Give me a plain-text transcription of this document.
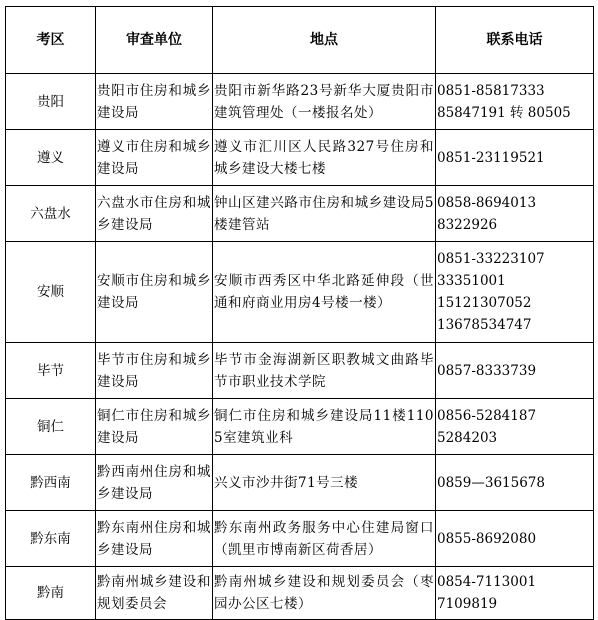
考区	审查单位	地点	联系电话
贵阳	贵阳市住房和城乡建设局	贵阳市新华路23号新华大厦贵阳市建筑管理处（一楼报名处）	0851-85817333
85847191 转 80505

遵义	遵义市住房和城乡建设局	遵义市汇川区人民路327号住房和城乡建设大楼七楼	0851-23119521

六盘水	六盘水市住房和城乡建设局	钟山区建兴路市住房和城乡建设局5楼建管站	0858-8694013
8322926

安顺	安顺市住房和城乡建设局	安顺市西秀区中华北路延伸段（世通和府商业用房4号楼一楼）	0851-33223107
33351001
15121307052
13678534747

毕节	毕节市住房和城乡建设局	毕节市金海湖新区职教城文曲路毕节市职业技术学院	0857-8333739

铜仁	铜仁市住房和城乡建设局	铜仁市住房和城乡建设局11楼1105室建筑业科	0856-5284187
5284203

黔西南	黔西南州住房和城乡建设局	兴义市沙井街71号三楼	0859—3615678

黔东南	黔东南州住房和城乡建设局	黔东南州政务服务中心住建局窗口（凯里市博南新区荷香居）	0855-8692080

黔南	黔南州城乡建设和规划委员会	黔南州城乡建设和规划委员会（枣园办公区七楼）	0854-7113001
7109819
